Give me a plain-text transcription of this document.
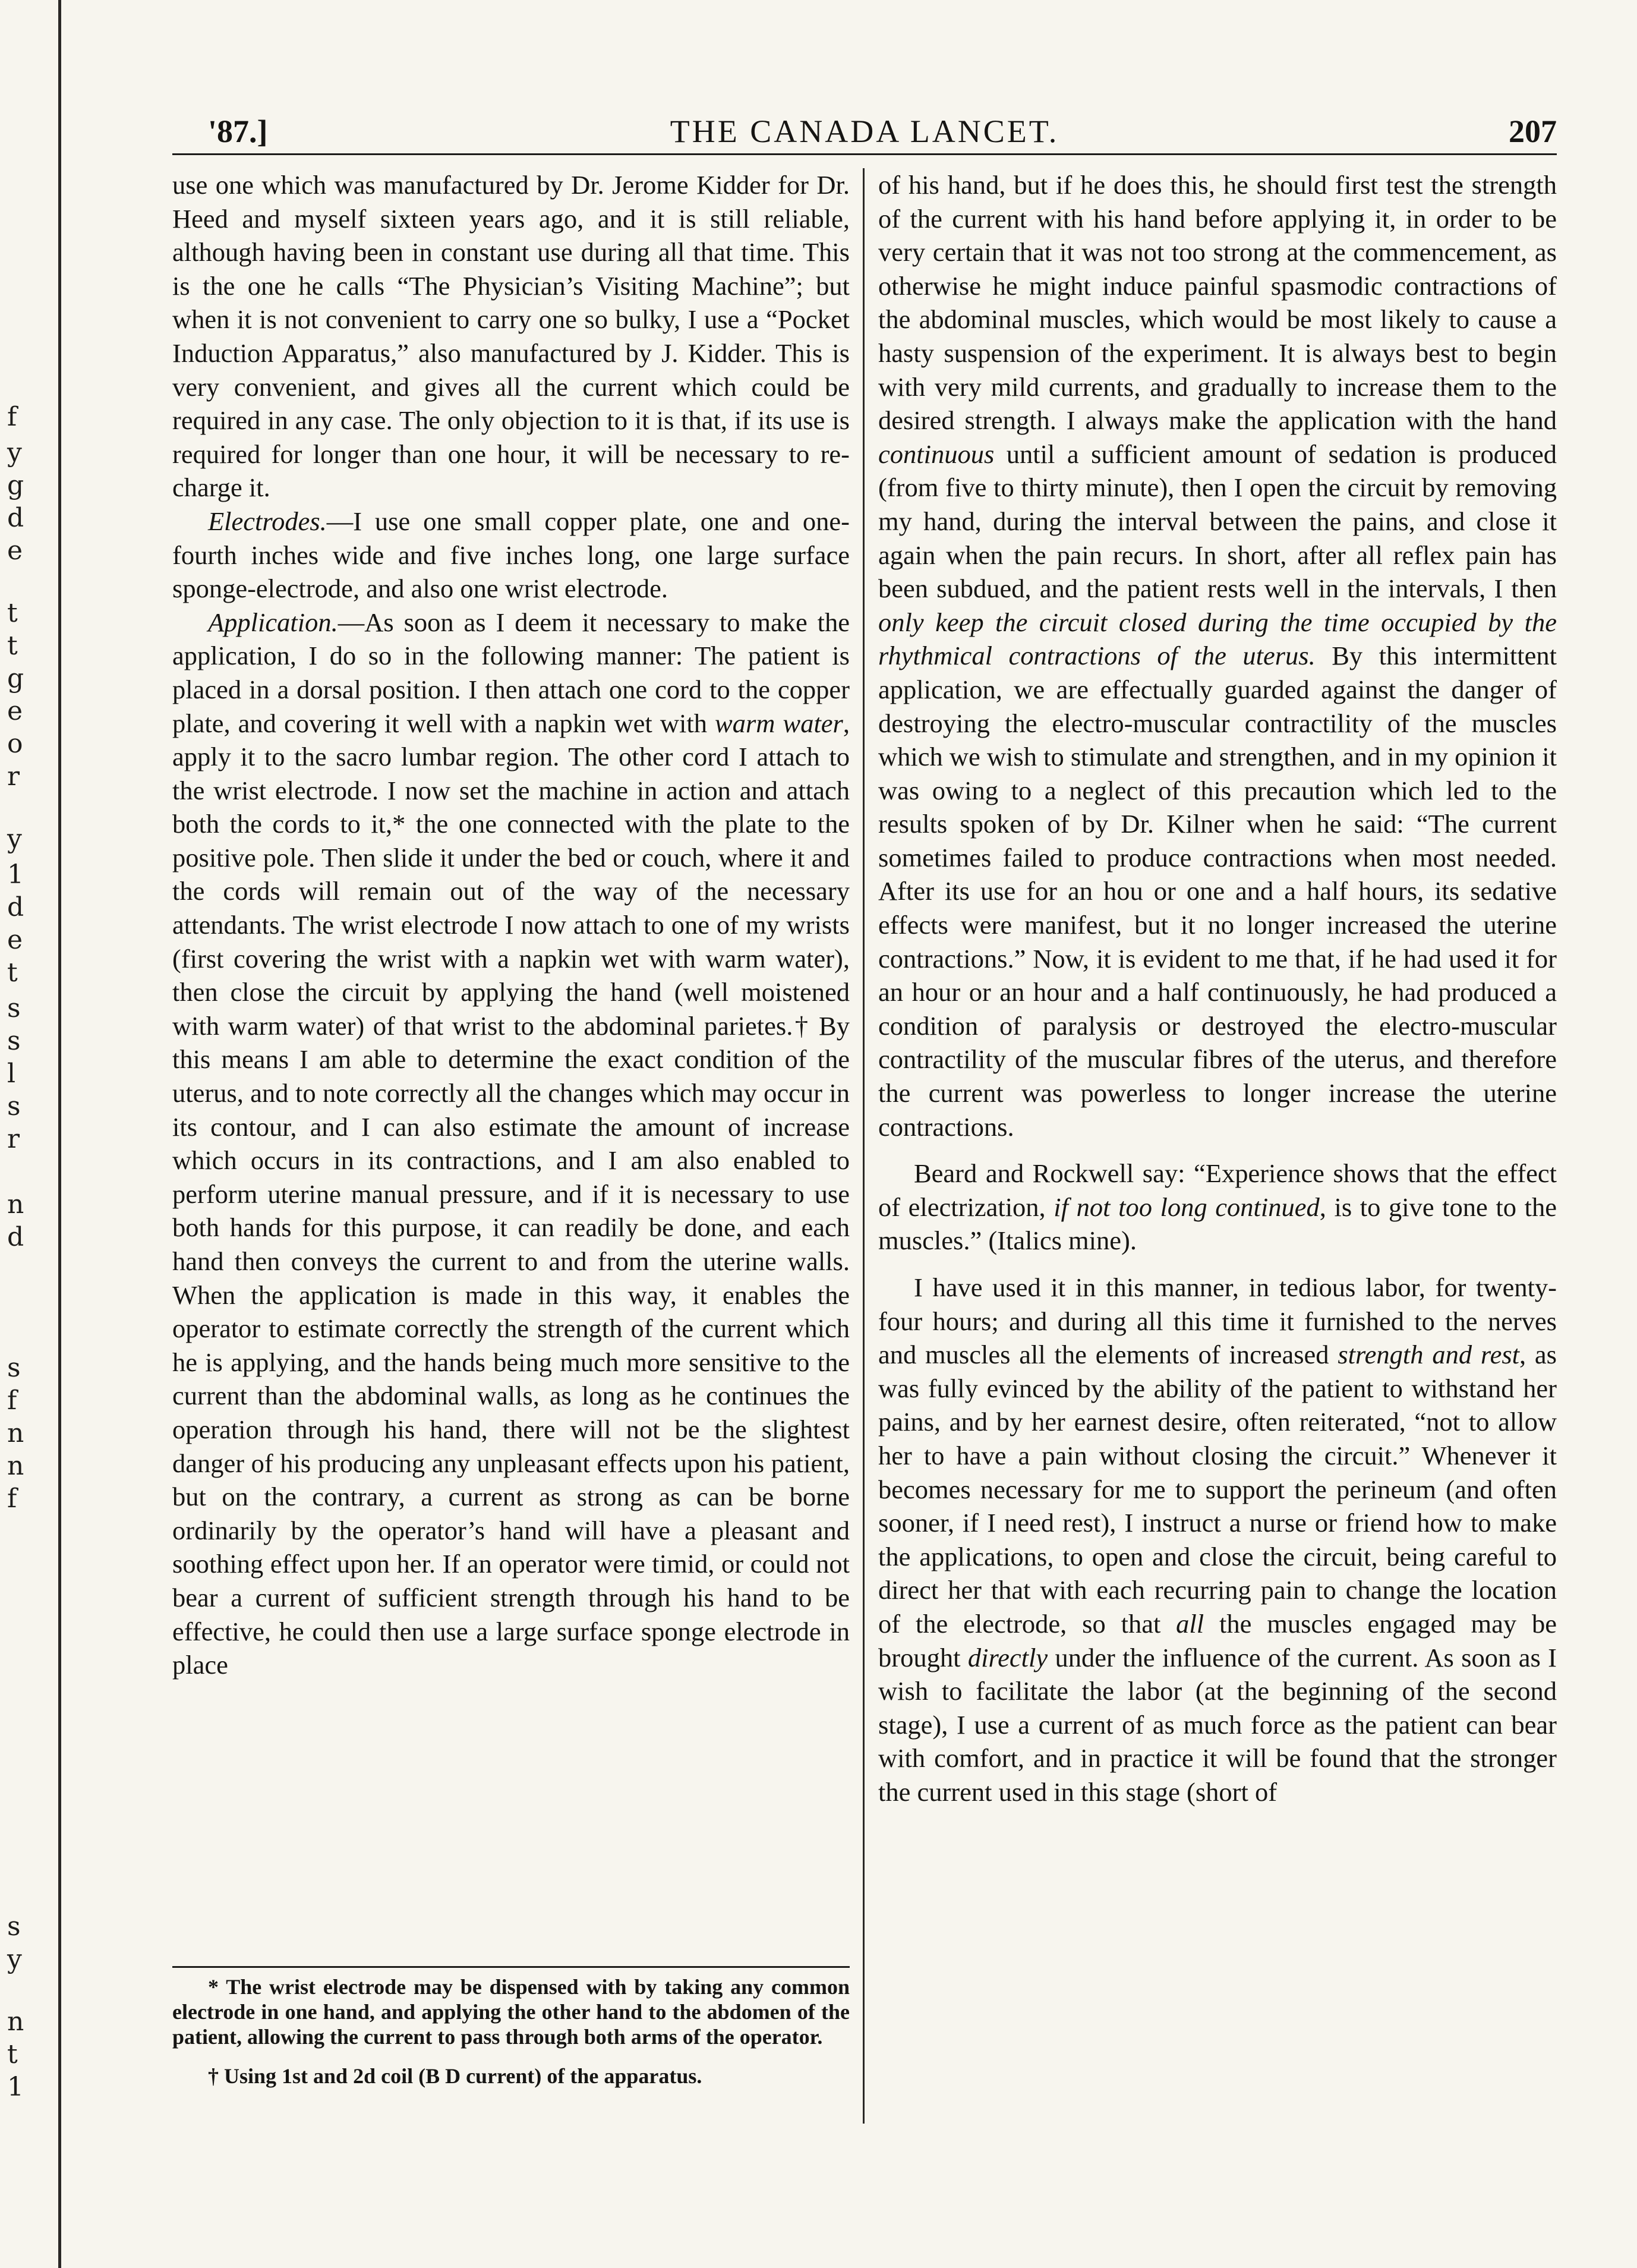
f
y
g
d
e
t
t
g
e
o
r
y
1
d
e
t
s
s
l
s
r
n
d
s
f
n
n
f
s
y
n
t
1
'87.]	THE CANADA LANCET.	207

use one which was manufactured by Dr. Jerome Kidder for Dr. Heed and myself sixteen years ago, and it is still reliable, although having been in constant use during all that time. This is the one he calls “The Physician’s Visiting Machine”; but when it is not convenient to carry one so bulky, I use a “Pocket Induction Apparatus,” also manufactured by J. Kidder. This is very convenient, and gives all the current which could be required in any case. The only objection to it is that, if its use is required for longer than one hour, it will be necessary to re-charge it.

Electrodes.—I use one small copper plate, one and one-fourth inches wide and five inches long, one large surface sponge-electrode, and also one wrist electrode.

Application.—As soon as I deem it necessary to make the application, I do so in the following manner: The patient is placed in a dorsal position. I then attach one cord to the copper plate, and covering it well with a napkin wet with warm water, apply it to the sacro lumbar region. The other cord I attach to the wrist electrode. I now set the machine in action and attach both the cords to it,* the one connected with the plate to the positive pole. Then slide it under the bed or couch, where it and the cords will remain out of the way of the necessary attendants. The wrist electrode I now attach to one of my wrists (first covering the wrist with a napkin wet with warm water), then close the circuit by applying the hand (well moistened with warm water) of that wrist to the abdominal parietes.† By this means I am able to determine the exact condition of the uterus, and to note correctly all the changes which may occur in its contour, and I can also estimate the amount of increase which occurs in its contractions, and I am also enabled to perform uterine manual pressure, and if it is necessary to use both hands for this purpose, it can readily be done, and each hand then conveys the current to and from the uterine walls. When the application is made in this way, it enables the operator to estimate correctly the strength of the current which he is applying, and the hands being much more sensitive to the current than the abdominal walls, as long as he continues the operation through his hand, there will not be the slightest danger of his producing any unpleasant effects upon his patient, but on the contrary, a current as strong as can be borne ordinarily by the operator’s hand will have a pleasant and soothing effect upon her. If an operator were timid, or could not bear a current of sufficient strength through his hand to be effective, he could then use a large surface sponge electrode in place

* The wrist electrode may be dispensed with by taking any common electrode in one hand, and applying the other hand to the abdomen of the patient, allowing the current to pass through both arms of the operator.

† Using 1st and 2d coil (B D current) of the apparatus.

of his hand, but if he does this, he should first test the strength of the current with his hand before applying it, in order to be very certain that it was not too strong at the commencement, as otherwise he might induce painful spasmodic contractions of the abdominal muscles, which would be most likely to cause a hasty suspension of the experiment. It is always best to begin with very mild currents, and gradually to increase them to the desired strength. I always make the application with the hand continuous until a sufficient amount of sedation is produced (from five to thirty minute), then I open the circuit by removing my hand, during the interval between the pains, and close it again when the pain recurs. In short, after all reflex pain has been subdued, and the patient rests well in the intervals, I then only keep the circuit closed during the time occupied by the rhythmical contractions of the uterus. By this intermittent application, we are effectually guarded against the danger of destroying the electro-muscular contractility of the muscles which we wish to stimulate and strengthen, and in my opinion it was owing to a neglect of this precaution which led to the results spoken of by Dr. Kilner when he said: “The current sometimes failed to produce contractions when most needed. After its use for an hou or one and a half hours, its sedative effects were manifest, but it no longer increased the uterine contractions.” Now, it is evident to me that, if he had used it for an hour or an hour and a half continuously, he had produced a condition of paralysis or destroyed the electro-muscular contractility of the muscular fibres of the uterus, and therefore the current was powerless to longer increase the uterine contractions.

Beard and Rockwell say: “Experience shows that the effect of electrization, if not too long continued, is to give tone to the muscles.” (Italics mine).

I have used it in this manner, in tedious labor, for twenty-four hours; and during all this time it furnished to the nerves and muscles all the elements of increased strength and rest, as was fully evinced by the ability of the patient to withstand her pains, and by her earnest desire, often reiterated, “not to allow her to have a pain without closing the circuit.” Whenever it becomes necessary for me to support the perineum (and often sooner, if I need rest), I instruct a nurse or friend how to make the applications, to open and close the circuit, being careful to direct her that with each recurring pain to change the location of the electrode, so that all the muscles engaged may be brought directly under the influence of the current. As soon as I wish to facilitate the labor (at the beginning of the second stage), I use a current of as much force as the patient can bear with comfort, and in practice it will be found that the stronger the current used in this stage (short of
